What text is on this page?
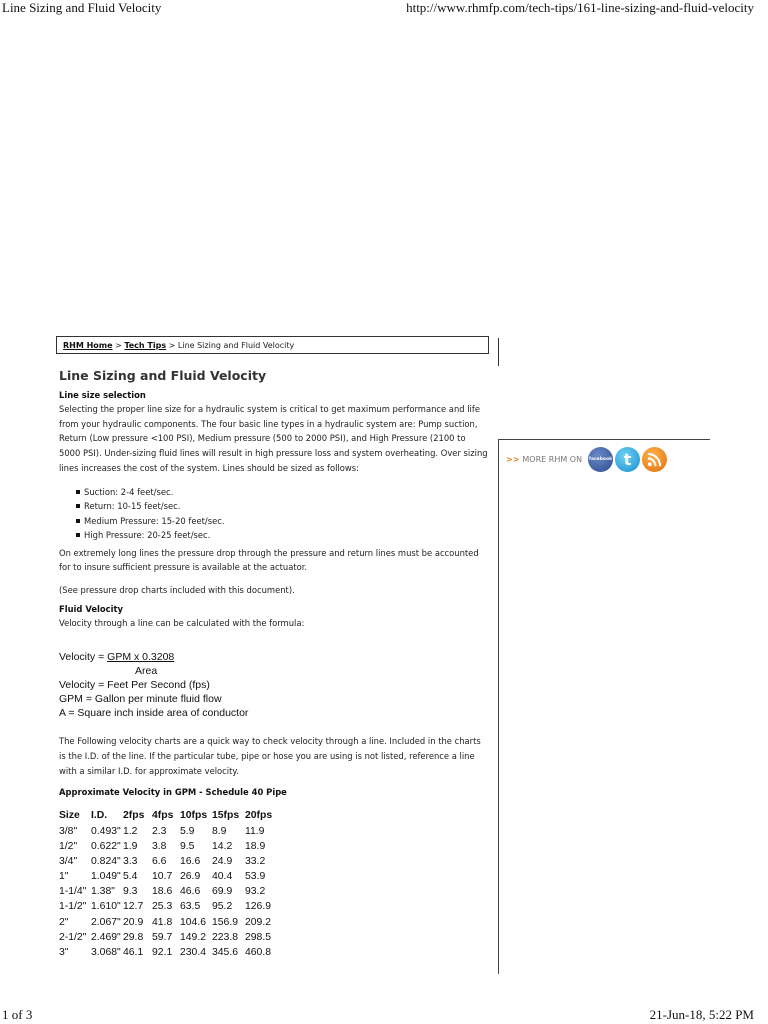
Line Sizing and Fluid Velocity	http://www.rhmfp.com/tech-tips/161-line-sizing-and-fluid-velocity
1 of 3	21-Jun-18, 5:22 PM
RHM Home > Tech Tips > Line Sizing and Fluid Velocity
>> MORE RHM ON facebook t
Line Sizing and Fluid Velocity

Line size selection

Selecting the proper line size for a hydraulic system is critical to get maximum performance and life from your hydraulic components. The four basic line types in a hydraulic system are: Pump suction, Return (Low pressure <100 PSI), Medium pressure (500 to 2000 PSI), and High Pressure (2100 to 5000 PSI). Under-sizing fluid lines will result in high pressure loss and system overheating. Over sizing lines increases the cost of the system. Lines should be sized as follows:

Suction: 2-4 feet/sec.
Return: 10-15 feet/sec.
Medium Pressure: 15-20 feet/sec.
High Pressure: 20-25 feet/sec.

On extremely long lines the pressure drop through the pressure and return lines must be accounted for to insure sufficient pressure is available at the actuator.

(See pressure drop charts included with this document).

Fluid Velocity

Velocity through a line can be calculated with the formula:

Velocity = GPM x 0.3208
Area
Velocity = Feet Per Second (fps)
GPM = Gallon per minute fluid flow
A = Square inch inside area of conductor

The Following velocity charts are a quick way to check velocity through a line. Included in the charts is the I.D. of the line. If the particular tube, pipe or hose you are using is not listed, reference a line with a similar I.D. for approximate velocity.

Approximate Velocity in GPM - Schedule 40 Pipe

Size	I.D.	2fps	4fps	10fps	15fps	20fps
3/8"	0.493"	1.2	2.3	5.9	8.9	11.9
1/2"	0.622"	1.9	3.8	9.5	14.2	18.9
3/4"	0.824"	3.3	6.6	16.6	24.9	33.2
1"	1.049"	5.4	10.7	26.9	40.4	53.9
1-1/4"	1.38"	9.3	18.6	46.6	69.9	93.2
1-1/2"	1.610"	12.7	25.3	63.5	95.2	126.9
2"	2.067"	20.9	41.8	104.6	156.9	209.2
2-1/2"	2.469"	29.8	59.7	149.2	223.8	298.5
3"	3.068"	46.1	92.1	230.4	345.6	460.8
